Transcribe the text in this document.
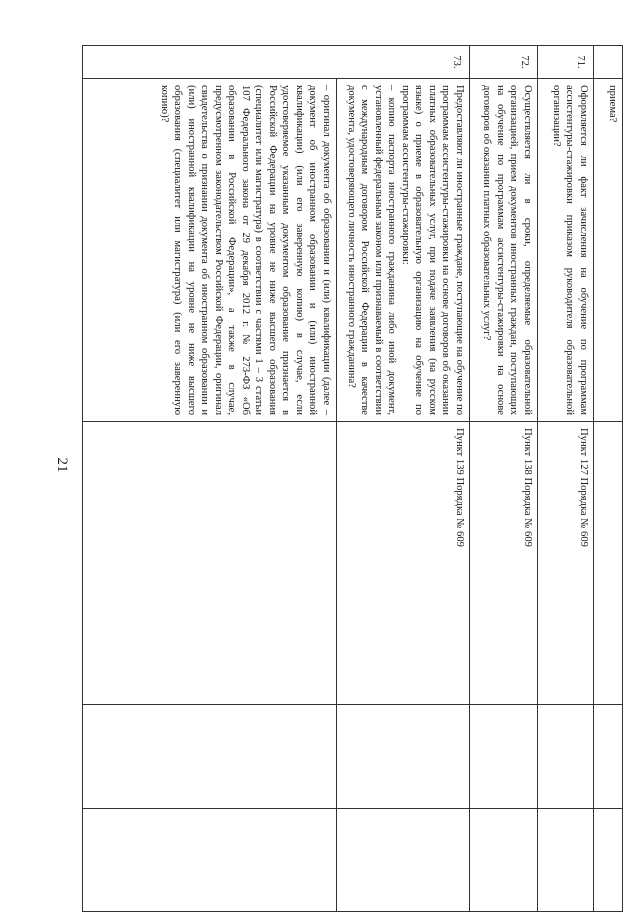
21
приема?
71.
Оформляется ли факт зачисления на обучение по программам ассистентуры-стажировки приказом руководителя образовательной организации?
Пункт 127 Порядка № 609
72.
Осуществляется ли в сроки, определяемые образовательной организацией, прием документов иностранных граждан, поступающих на обучение по программам ассистентуры-стажировки на основе договоров об оказании платных образовательных услуг?
Пункт 138 Порядка № 609
73.
Предоставляют ли иностранные граждане, поступающие на обучение по программам ассистентуры-стажировки на основе договоров об оказании платных образовательных услуг, при подаче заявления (на русском языке) о приеме в образовательную организацию на обучение по программам ассистентуры-стажировки:
– копию паспорта иностранного гражданина либо иной документ, установленный федеральным законом или признаваемый в соответствии с международным договором Российской Федерации в качестве документа, удостоверяющего личность иностранного гражданина?
– оригинал документа об образовании и (или) квалификации (далее – документ об иностранном образовании и (или) иностранной квалификации) (или его заверенную копию) в случае, если удостоверяемое указанным документом образование признается в Российской Федерации на уровне не ниже высшего образования (специалитет или магистратура) в соответствии с частями 1 – 3 статьи 107 Федерального закона от 29 декабря 2012 г. № 273-ФЗ «Об образовании в Российской Федерации», а также в случае, предусмотренном законодательством Российской Федерации, оригинал свидетельства о признании документа об иностранном образовании и (или) иностранной квалификации на уровне не ниже высшего образования (специалитет или магистратура) (или его заверенную копию)?
Пункт 139 Порядка № 609
